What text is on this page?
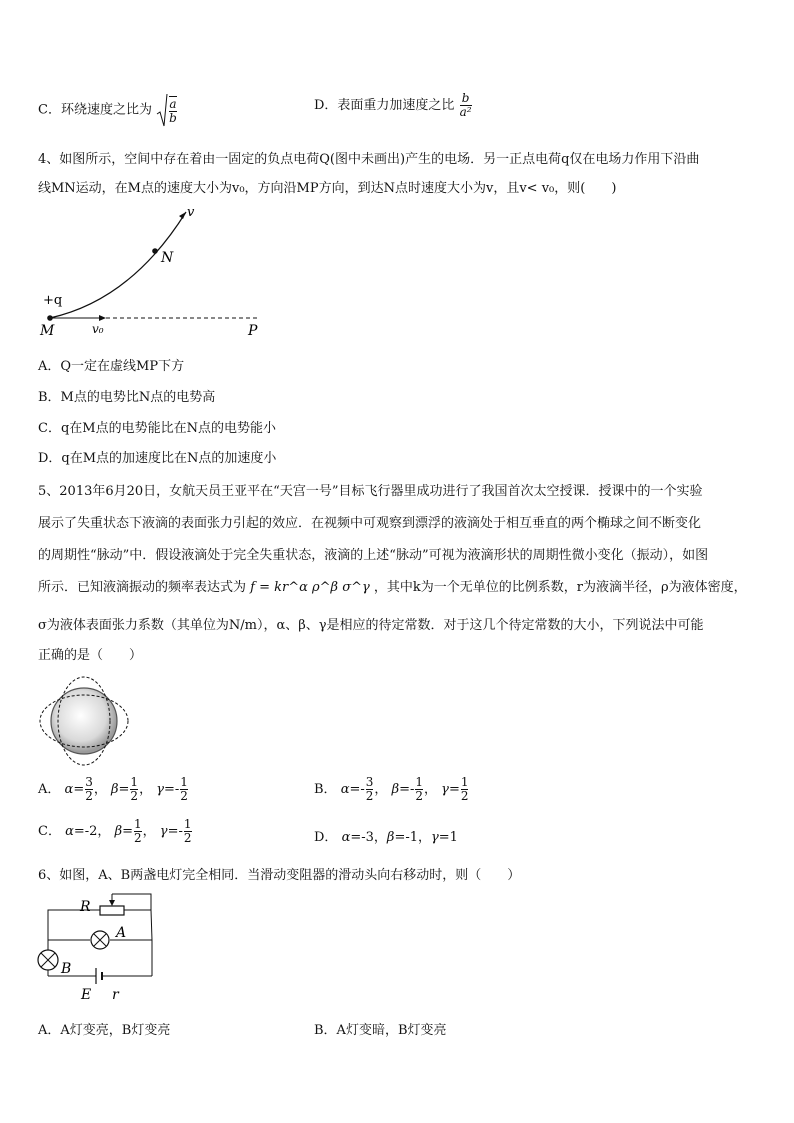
C．环绕速度之比为 $\frac{a}{b}$	D．表面重力加速度之比 $\frac{b}{\text{a²}}$
4、如图所示，空间中存在着由一固定的负点电荷Q(图中未画出)产生的电场．另一正点电荷q仅在电场力作用下沿曲
线MN运动，在M点的速度大小为v₀，方向沿MP方向，到达N点时速度大小为v，且v< v₀，则(　　)
+q
M
N
P
v
v₀
A．Q一定在虚线MP下方
B．M点的电势比N点的电势高
C．q在M点的电势能比在N点的电势能小
D．q在M点的加速度比在N点的加速度小
5、2013年6月20日，女航天员王亚平在“天宫一号”目标飞行器里成功进行了我国首次太空授课．授课中的一个实验
展示了失重状态下液滴的表面张力引起的效应．在视频中可观察到漂浮的液滴处于相互垂直的两个椭球之间不断变化
的周期性“脉动”中．假设液滴处于完全失重状态，液滴的上述“脉动”可视为液滴形状的周期性微小变化（振动），如图
所示．已知液滴振动的频率表达式为 f = kr^α ρ^β σ^γ ，其中k为一个无单位的比例系数，r为液滴半径，ρ为液体密度，
σ为液体表面张力系数（其单位为N/m），α、β、γ是相应的待定常数．对于这几个待定常数的大小，下列说法中可能
正确的是（　　）
A． $\alpha= \frac{3}{2}$ ， $\beta= \frac{1}{2}$ ， $\gamma=- \frac{1}{2}$	B． $\alpha=- \frac{3}{2}$ ， $\beta=- \frac{1}{2}$ ， $\gamma= \frac{1}{2}$
C． α=-2， $\beta= \frac{1}{2}$ ， $\gamma=- \frac{1}{2}$	D． α=-3，β=-1，γ=1
6、如图，A、B两盏电灯完全相同．当滑动变阻器的滑动头向右移动时，则（　　）
R
A
B
E r
A．A灯变亮，B灯变亮	B．A灯变暗，B灯变亮
